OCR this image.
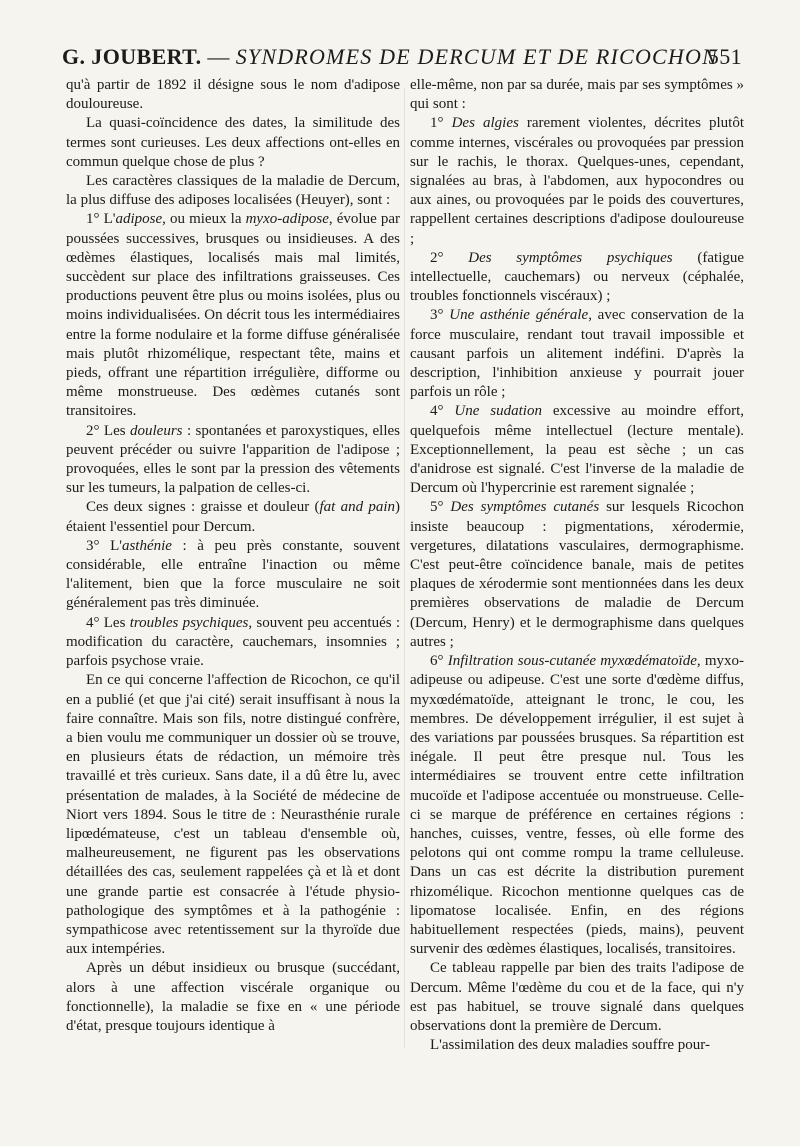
G. JOUBERT. — SYNDROMES DE DERCUM ET DE RICOCHON
551

qu'à partir de 1892 il désigne sous le nom d'adipose douloureuse.

La quasi-coïncidence des dates, la similitude des termes sont curieuses. Les deux affections ont-elles en commun quelque chose de plus ?

Les caractères classiques de la maladie de Dercum, la plus diffuse des adiposes localisées (Heuyer), sont :

1° L'adipose, ou mieux la myxo-adipose, évolue par poussées successives, brusques ou insidieuses. A des œdèmes élastiques, localisés mais mal limités, succèdent sur place des infiltrations graisseuses. Ces productions peuvent être plus ou moins isolées, plus ou moins individualisées. On décrit tous les intermédiaires entre la forme nodulaire et la forme diffuse généralisée mais plutôt rhizomélique, respectant tête, mains et pieds, offrant une répartition irrégulière, difforme ou même monstrueuse. Des œdèmes cutanés sont transitoires.

2° Les douleurs : spontanées et paroxystiques, elles peuvent précéder ou suivre l'apparition de l'adipose ; provoquées, elles le sont par la pression des vêtements sur les tumeurs, la palpation de celles-ci.

Ces deux signes : graisse et douleur (fat and pain) étaient l'essentiel pour Dercum.

3° L'asthénie : à peu près constante, souvent considérable, elle entraîne l'inaction ou même l'alitement, bien que la force musculaire ne soit généralement pas très diminuée.

4° Les troubles psychiques, souvent peu accentués : modification du caractère, cauchemars, insomnies ; parfois psychose vraie.

En ce qui concerne l'affection de Ricochon, ce qu'il en a publié (et que j'ai cité) serait insuffisant à nous la faire connaître. Mais son fils, notre distingué confrère, a bien voulu me communiquer un dossier où se trouve, en plusieurs états de rédaction, un mémoire très travaillé et très curieux. Sans date, il a dû être lu, avec présentation de malades, à la Société de médecine de Niort vers 1894. Sous le titre de : Neurasthénie rurale lipœdémateuse, c'est un tableau d'ensemble où, malheureusement, ne figurent pas les observations détaillées des cas, seulement rappelées çà et là et dont une grande partie est consacrée à l'étude physio-pathologique des symptômes et à la pathogénie : sympathicose avec retentissement sur la thyroïde due aux intempéries.

Après un début insidieux ou brusque (succédant, alors à une affection viscérale organique ou fonctionnelle), la maladie se fixe en « une période d'état, presque toujours identique à

elle-même, non par sa durée, mais par ses symptômes » qui sont :

1° Des algies rarement violentes, décrites plutôt comme internes, viscérales ou provoquées par pression sur le rachis, le thorax. Quelques-unes, cependant, signalées au bras, à l'abdomen, aux hypocondres ou aux aines, ou provoquées par le poids des couvertures, rappellent certaines descriptions d'adipose douloureuse ;

2° Des symptômes psychiques (fatigue intellectuelle, cauchemars) ou nerveux (céphalée, troubles fonctionnels viscéraux) ;

3° Une asthénie générale, avec conservation de la force musculaire, rendant tout travail impossible et causant parfois un alitement indéfini. D'après la description, l'inhibition anxieuse y pourrait jouer parfois un rôle ;

4° Une sudation excessive au moindre effort, quelquefois même intellectuel (lecture mentale). Exceptionnellement, la peau est sèche ; un cas d'anidrose est signalé. C'est l'inverse de la maladie de Dercum où l'hypercrinie est rarement signalée ;

5° Des symptômes cutanés sur lesquels Ricochon insiste beaucoup : pigmentations, xérodermie, vergetures, dilatations vasculaires, dermographisme. C'est peut-être coïncidence banale, mais de petites plaques de xérodermie sont mentionnées dans les deux premières observations de maladie de Dercum (Dercum, Henry) et le dermographisme dans quelques autres ;

6° Infiltration sous-cutanée myxœdématoïde, myxo-adipeuse ou adipeuse. C'est une sorte d'œdème diffus, myxœdématoïde, atteignant le tronc, le cou, les membres. De développement irrégulier, il est sujet à des variations par poussées brusques. Sa répartition est inégale. Il peut être presque nul. Tous les intermédiaires se trouvent entre cette infiltration mucoïde et l'adipose accentuée ou monstrueuse. Celle-ci se marque de préférence en certaines régions : hanches, cuisses, ventre, fesses, où elle forme des pelotons qui ont comme rompu la trame celluleuse. Dans un cas est décrite la distribution purement rhizomélique. Ricochon mentionne quelques cas de lipomatose localisée. Enfin, en des régions habituellement respectées (pieds, mains), peuvent survenir des œdèmes élastiques, localisés, transitoires.

Ce tableau rappelle par bien des traits l'adipose de Dercum. Même l'œdème du cou et de la face, qui n'y est pas habituel, se trouve signalé dans quelques observations dont la première de Dercum.

L'assimilation des deux maladies souffre pour-
